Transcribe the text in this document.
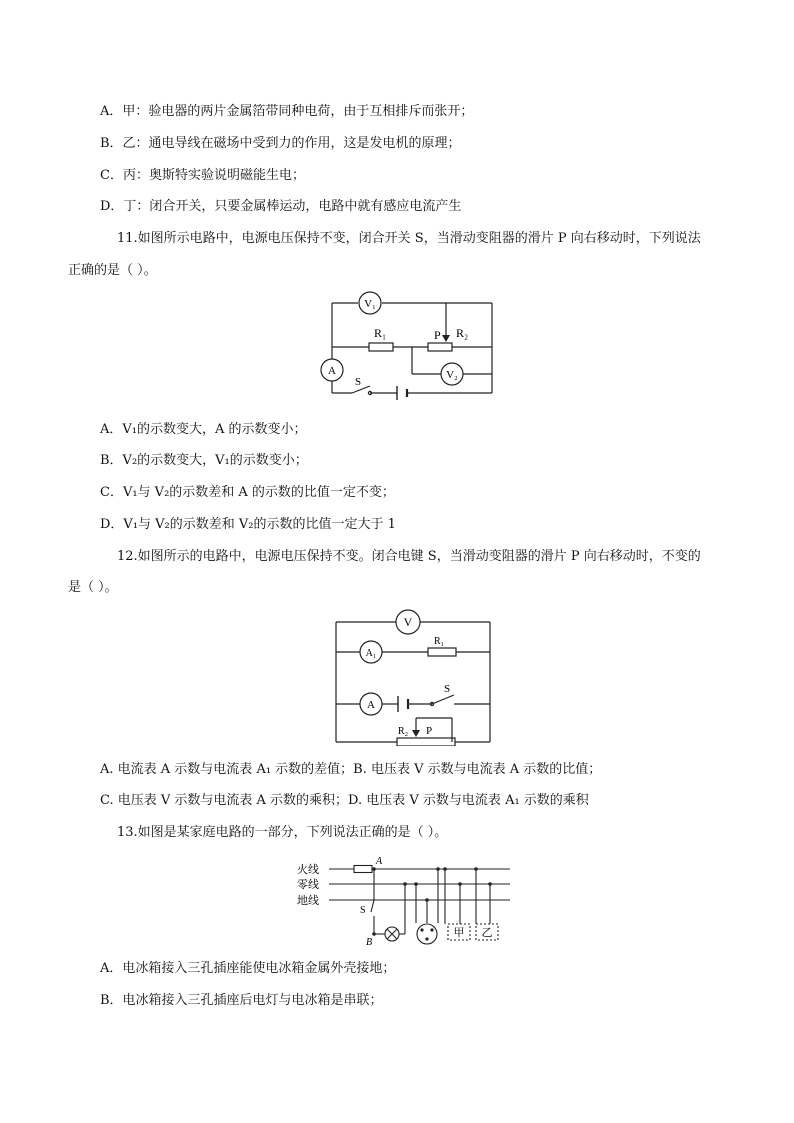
A．甲：验电器的两片金属箔带同种电荷，由于互相排斥而张开；
B．乙：通电导线在磁场中受到力的作用，这是发电机的原理；
C．丙：奥斯特实验说明磁能生电；
D．丁：闭合开关，只要金属棒运动，电路中就有感应电流产生
11.如图所示电路中，电源电压保持不变，闭合开关 S，当滑动变阻器的滑片 P 向右移动时，下列说法
正确的是（ ）。
V₁
A	V₂
R₁	P R₂
S
A．V₁的示数变大，A 的示数变小；
B．V₂的示数变大，V₁的示数变小；
C．V₁与 V₂的示数差和 A 的示数的比值一定不变；
D．V₁与 V₂的示数差和 V₂的示数的比值一定大于 1
12.如图所示的电路中，电源电压保持不变。闭合电键 S，当滑动变阻器的滑片 P 向右移动时，不变的
是（ ）。
V
A₁
A
R₁
S
R₂ P
A. 电流表 A 示数与电流表 A₁ 示数的差值；B. 电压表 V 示数与电流表 A 示数的比值；
C. 电压表 V 示数与电流表 A 示数的乘积；D. 电压表 V 示数与电流表 A₁ 示数的乘积
13.如图是某家庭电路的一部分，下列说法正确的是（ ）。
火线
零线
地线
A
S
B
甲 乙
A．电冰箱接入三孔插座能使电冰箱金属外壳接地；
B．电冰箱接入三孔插座后电灯与电冰箱是串联；
